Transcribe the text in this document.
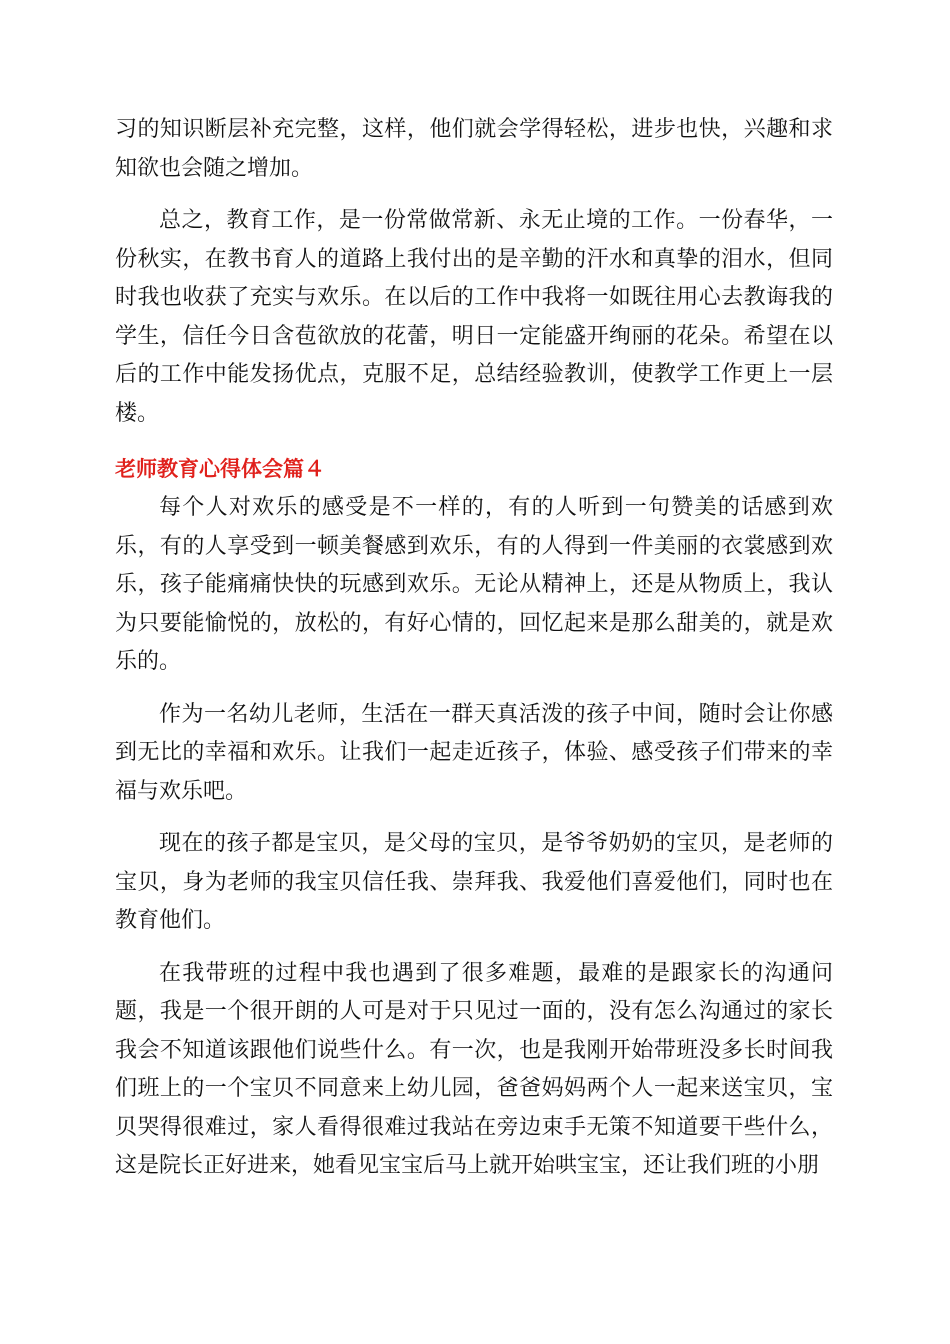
习的知识断层补充完整，这样，他们就会学得轻松，进步也快，兴趣和求知欲也会随之增加。

总之，教育工作，是一份常做常新、永无止境的工作。一份春华，一份秋实，在教书育人的道路上我付出的是辛勤的汗水和真挚的泪水，但同时我也收获了充实与欢乐。在以后的工作中我将一如既往用心去教诲我的学生，信任今日含苞欲放的花蕾，明日一定能盛开绚丽的花朵。希望在以后的工作中能发扬优点，克服不足，总结经验教训，使教学工作更上一层楼。

老师教育心得体会篇４

每个人对欢乐的感受是不一样的，有的人听到一句赞美的话感到欢乐，有的人享受到一顿美餐感到欢乐，有的人得到一件美丽的衣裳感到欢乐，孩子能痛痛快快的玩感到欢乐。无论从精神上，还是从物质上，我认为只要能愉悦的，放松的，有好心情的，回忆起来是那么甜美的，就是欢乐的。

作为一名幼儿老师，生活在一群天真活泼的孩子中间，随时会让你感到无比的幸福和欢乐。让我们一起走近孩子，体验、感受孩子们带来的幸福与欢乐吧。

现在的孩子都是宝贝，是父母的宝贝，是爷爷奶奶的宝贝，是老师的宝贝，身为老师的我宝贝信任我、崇拜我、我爱他们喜爱他们，同时也在教育他们。

在我带班的过程中我也遇到了很多难题，最难的是跟家长的沟通问题，我是一个很开朗的人可是对于只见过一面的，没有怎么沟通过的家长我会不知道该跟他们说些什么。有一次，也是我刚开始带班没多长时间我们班上的一个宝贝不同意来上幼儿园，爸爸妈妈两个人一起来送宝贝，宝贝哭得很难过，家人看得很难过我站在旁边束手无策不知道要干些什么，这是院长正好进来，她看见宝宝后马上就开始哄宝宝，还让我们班的小朋
